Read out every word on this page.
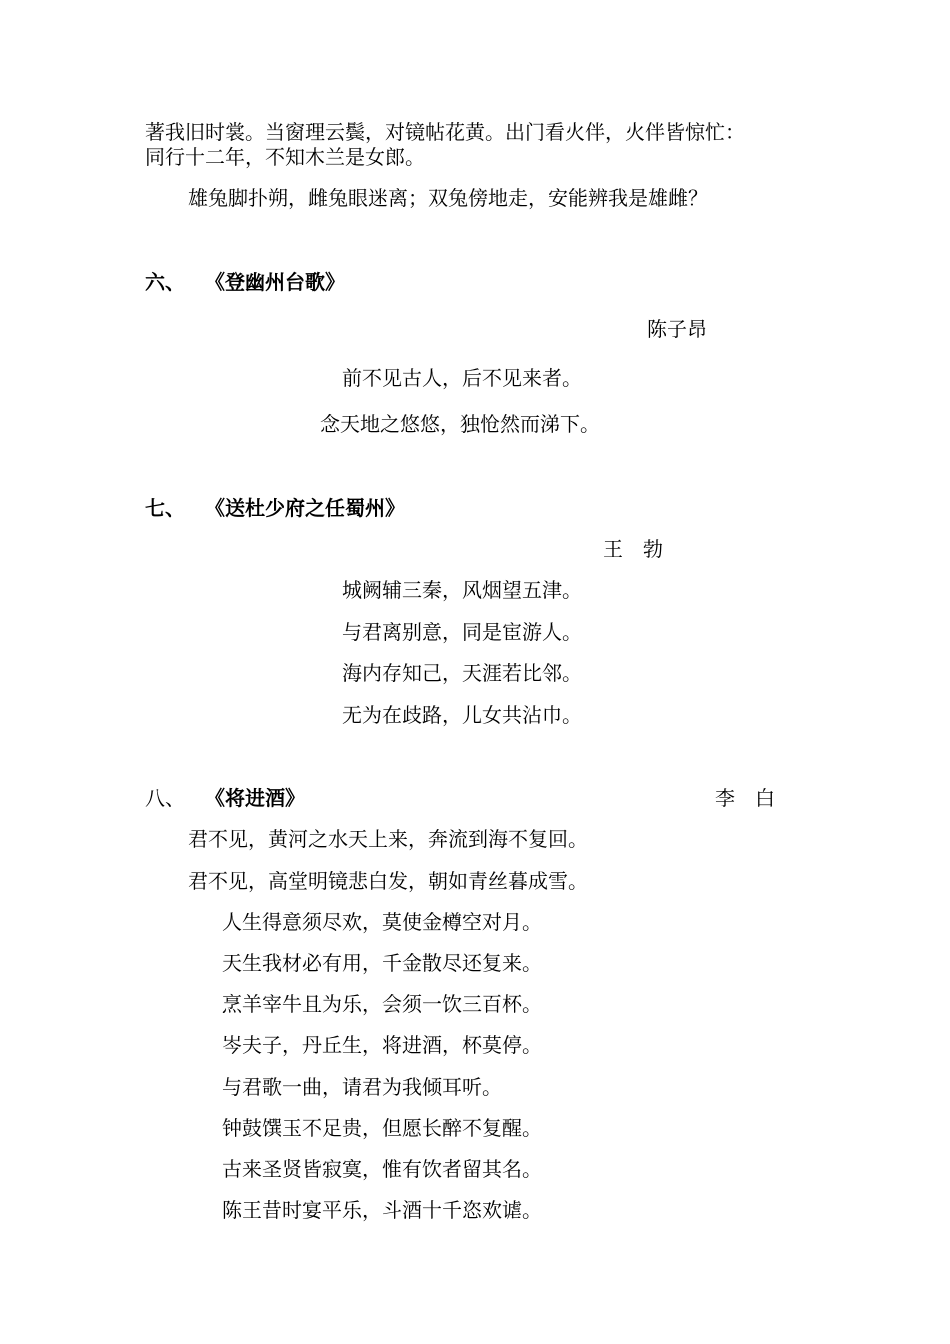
著我旧时裳。当窗理云鬓，对镜帖花黄。出门看火伴，火伴皆惊忙：

同行十二年，不知木兰是女郎。

雄兔脚扑朔，雌兔眼迷离；双兔傍地走，安能辨我是雄雌？

六、 《登幽州台歌》

陈子昂

前不见古人，后不见来者。

念天地之悠悠，独怆然而涕下。

七、 《送杜少府之任蜀州》

王　勃

城阙辅三秦，风烟望五津。

与君离别意，同是宦游人。

海内存知己，天涯若比邻。

无为在歧路，儿女共沾巾。

八、 《将进酒》	李　白

君不见，黄河之水天上来，奔流到海不复回。

君不见，高堂明镜悲白发，朝如青丝暮成雪。

人生得意须尽欢，莫使金樽空对月。

天生我材必有用，千金散尽还复来。

烹羊宰牛且为乐，会须一饮三百杯。

岑夫子，丹丘生，将进酒，杯莫停。

与君歌一曲，请君为我倾耳听。

钟鼓馔玉不足贵，但愿长醉不复醒。

古来圣贤皆寂寞，惟有饮者留其名。

陈王昔时宴平乐，斗酒十千恣欢谑。
